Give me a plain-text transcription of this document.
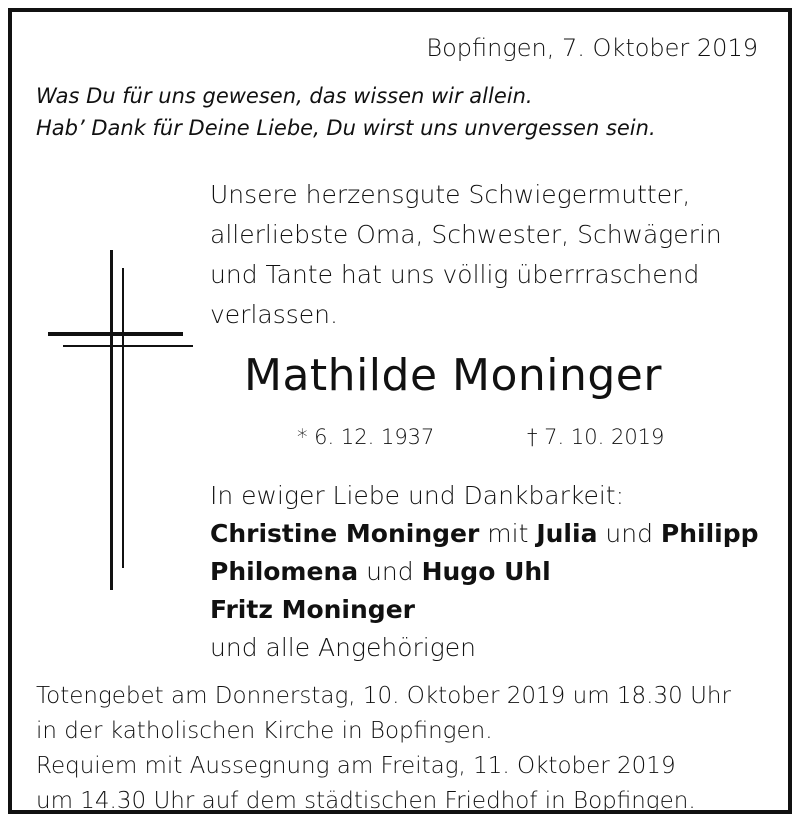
Bopfingen, 7. Oktober 2019
Was Du für uns gewesen, das wissen wir allein.
Hab’ Dank für Deine Liebe, Du wirst uns unvergessen sein.
Unsere herzensgute Schwiegermutter,
allerliebste Oma, Schwester, Schwägerin
und Tante hat uns völlig überrraschend
verlassen.
Mathilde Moninger
* 6. 12. 1937	† 7. 10. 2019
In ewiger Liebe und Dankbarkeit:
Christine Moninger mit Julia und Philipp
Philomena und Hugo Uhl
Fritz Moninger
und alle Angehörigen
Totengebet am Donnerstag, 10. Oktober 2019 um 18.30 Uhr
in der katholischen Kirche in Bopfingen.
Requiem mit Aussegnung am Freitag, 11. Oktober 2019
um 14.30 Uhr auf dem städtischen Friedhof in Bopfingen.
